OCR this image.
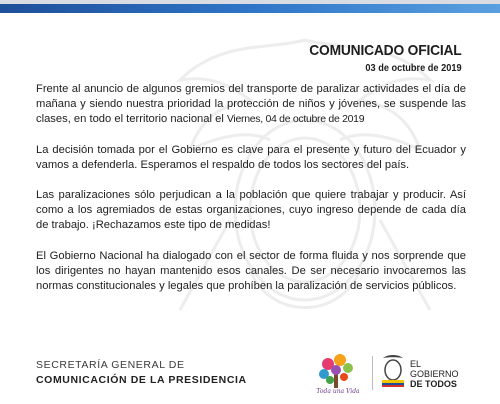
COMUNICADO OFICIAL
03 de octubre de 2019

Frente al anuncio de algunos gremios del transporte de paralizar actividades el día de mañana y siendo nuestra prioridad la protección de niños y jóvenes, se suspende las clases, en todo el territorio nacional el Viernes, 04 de octubre de 2019

La decisión tomada por el Gobierno es clave para el presente y futuro del Ecuador y vamos a defenderla. Esperamos el respaldo de todos los sectores del país.

Las paralizaciones sólo perjudican a la población que quiere trabajar y producir. Así como a los agremiados de estas organizaciones, cuyo ingreso depende de cada día de trabajo. ¡Rechazamos este tipo de medidas!

El Gobierno Nacional ha dialogado con el sector de forma fluida y nos sorprende que los dirigentes no hayan mantenido esos canales. De ser necesario invocaremos las normas constitucionales y legales que prohíben la paralización de servicios públicos.

SECRETARÍA GENERAL DE
COMUNICACIÓN DE LA PRESIDENCIA
Toda una Vida
EL
GOBIERNO
DE TODOS
